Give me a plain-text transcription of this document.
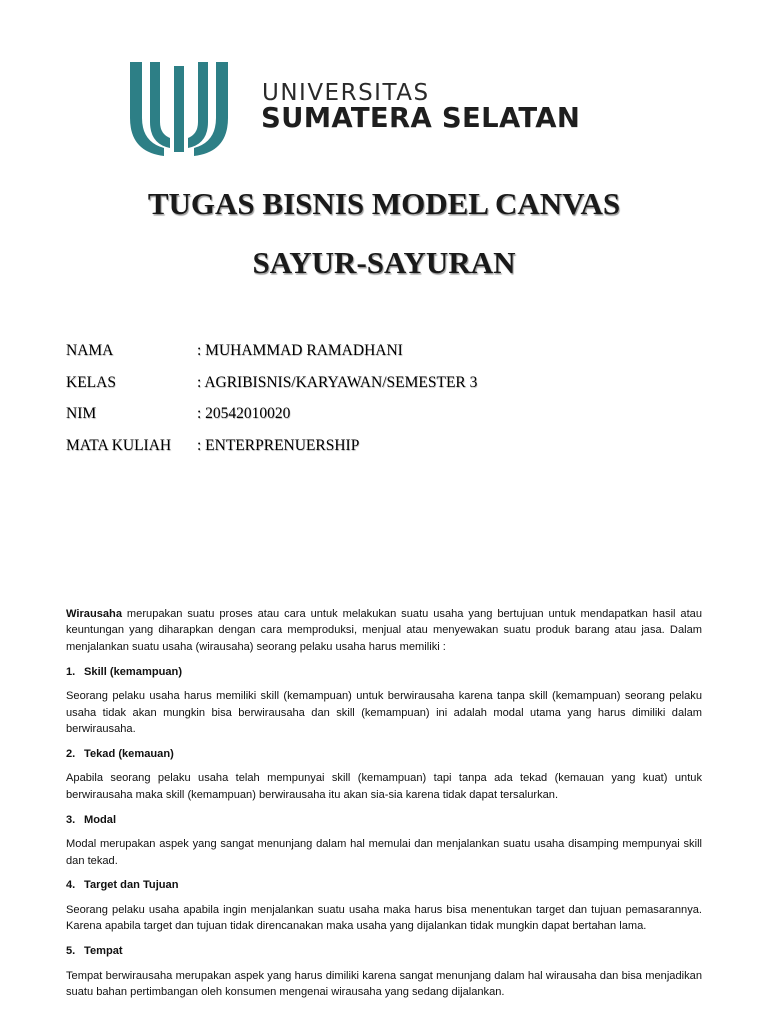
UNIVERSITAS
SUMATERA SELATAN
TUGAS BISNIS MODEL CANVAS
SAYUR-SAYURAN
NAMA	: MUHAMMAD RAMADHANI
KELAS	: AGRIBISNIS/KARYAWAN/SEMESTER 3
NIM	: 20542010020
MATA KULIAH : ENTERPRENUERSHIP

Wirausaha merupakan suatu proses atau cara untuk melakukan suatu usaha yang bertujuan untuk mendapatkan hasil atau keuntungan yang diharapkan dengan cara memproduksi, menjual atau menyewakan suatu produk barang atau jasa. Dalam menjalankan suatu usaha (wirausaha) seorang pelaku usaha harus memiliki :

1. Skill (kemampuan)

Seorang pelaku usaha harus memiliki skill (kemampuan) untuk berwirausaha karena tanpa skill (kemampuan) seorang pelaku usaha tidak akan mungkin bisa berwirausaha dan skill (kemampuan) ini adalah modal utama yang harus dimiliki dalam berwirausaha.

2. Tekad (kemauan)

Apabila seorang pelaku usaha telah mempunyai skill (kemampuan) tapi tanpa ada tekad (kemauan yang kuat) untuk berwirausaha maka skill (kemampuan) berwirausaha itu akan sia-sia karena tidak dapat tersalurkan.

3. Modal

Modal merupakan aspek yang sangat menunjang dalam hal memulai dan menjalankan suatu usaha disamping mempunyai skill dan tekad.

4. Target dan Tujuan

Seorang pelaku usaha apabila ingin menjalankan suatu usaha maka harus bisa menentukan target dan tujuan pemasarannya. Karena apabila target dan tujuan tidak direncanakan maka usaha yang dijalankan tidak mungkin dapat bertahan lama.

5. Tempat

Tempat berwirausaha merupakan aspek yang harus dimiliki karena sangat menunjang dalam hal wirausaha dan bisa menjadikan suatu bahan pertimbangan oleh konsumen mengenai wirausaha yang sedang dijalankan.
